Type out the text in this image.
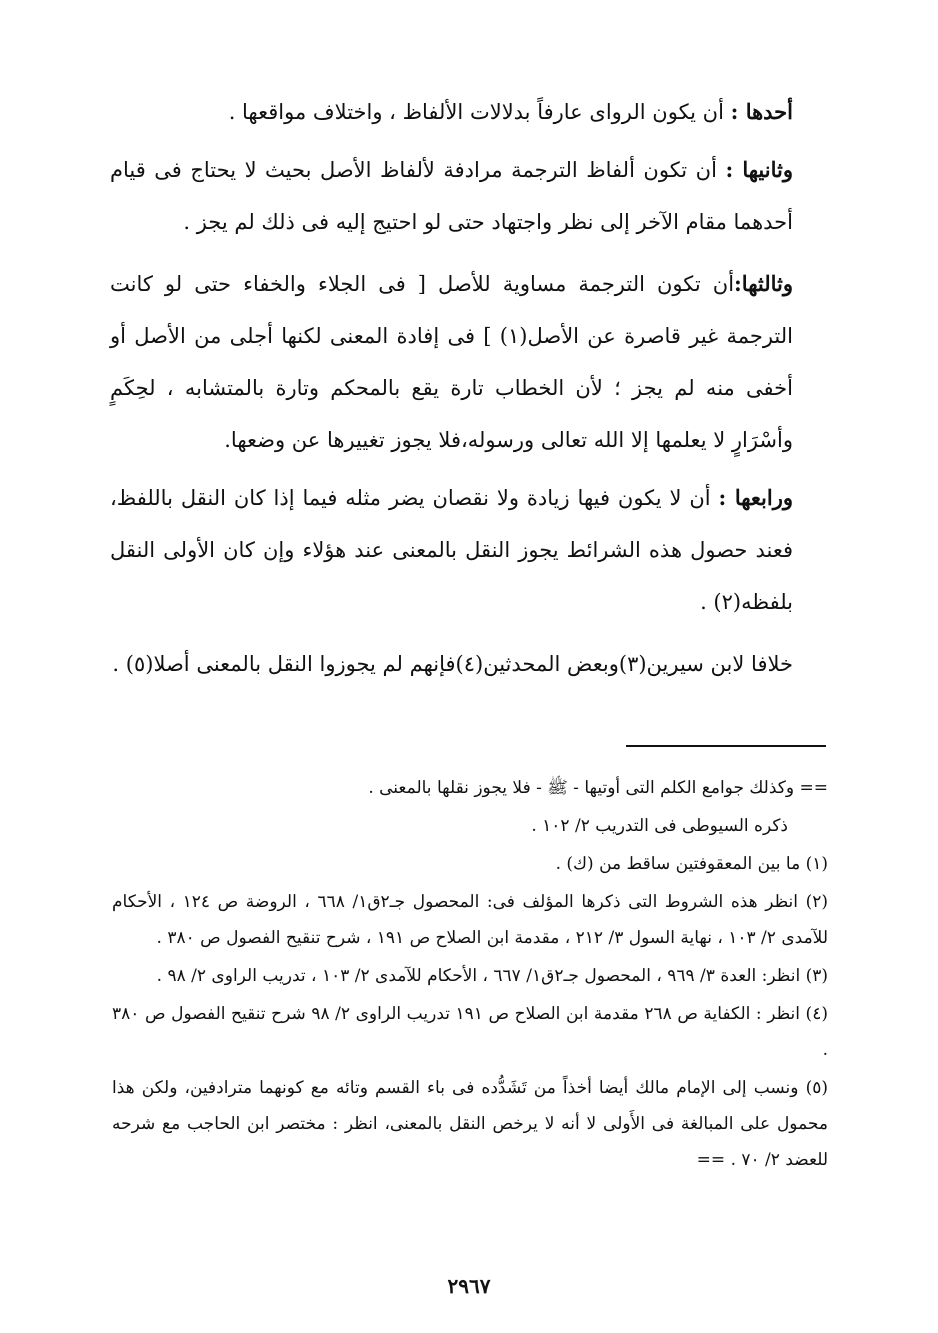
أحدها : أن يكون الرواى عارفاً بدلالات الألفاظ ، واختلاف مواقعها .

وثانيها : أن تكون ألفاظ الترجمة مرادفة لألفاظ الأصل بحيث لا يحتاج فى قيام أحدهما مقام الآخر إلى نظر واجتهاد حتى لو احتيج إليه فى ذلك لم يجز .

وثالثها:أن تكون الترجمة مساوية للأصل [ فى الجلاء والخفاء حتى لو كانت الترجمة غير قاصرة عن الأصل(١) ] فى إفادة المعنى لكنها أجلى من الأصل أو أخفى منه لم يجز ؛ لأن الخطاب تارة يقع بالمحكم وتارة بالمتشابه ، لحِكَمٍ وأسْرَارٍ لا يعلمها إلا الله تعالى ورسوله،فلا يجوز تغييرها عن وضعها.

ورابعها : أن لا يكون فيها زيادة ولا نقصان يضر مثله فيما إذا كان النقل باللفظ، فعند حصول هذه الشرائط يجوز النقل بالمعنى عند هؤلاء وإن كان الأولى النقل بلفظه(٢) .

خلافا لابن سيرين(٣)وبعض المحدثين(٤)فإنهم لم يجوزوا النقل بالمعنى أصلا(٥) .

== وكذلك جوامع الكلم التى أوتيها - ﷺ - فلا يجوز نقلها بالمعنى .

ذكره السيوطى فى التدريب ٢/ ١٠٢ .

(١) ما بين المعقوفتين ساقط من (ك) .

(٢) انظر هذه الشروط التى ذكرها المؤلف فى: المحصول جـ٢ق١/ ٦٦٨ ، الروضة ص ١٢٤ ، الأحكام للآمدى ٢/ ١٠٣ ، نهاية السول ٣/ ٢١٢ ، مقدمة ابن الصلاح ص ١٩١ ، شرح تنقيح الفصول ص ٣٨٠ .

(٣) انظر: العدة ٣/ ٩٦٩ ، المحصول جـ٢ق١/ ٦٦٧ ، الأحكام للآمدى ٢/ ١٠٣ ، تدريب الراوى ٢/ ٩٨ .

(٤) انظر : الكفاية ص ٢٦٨ مقدمة ابن الصلاح ص ١٩١ تدريب الراوى ٢/ ٩٨ شرح تنقيح الفصول ص ٣٨٠ .

(٥) ونسب إلى الإمام مالك أيضا أخذاً من تَشَدُّده فى باء القسم وتائه مع كونهما مترادفين، ولكن هذا محمول على المبالغة فى الأَولى لا أنه لا يرخص النقل بالمعنى، انظر : مختصر ابن الحاجب مع شرحه للعضد ٢/ ٧٠ . ==

٢٩٦٧
